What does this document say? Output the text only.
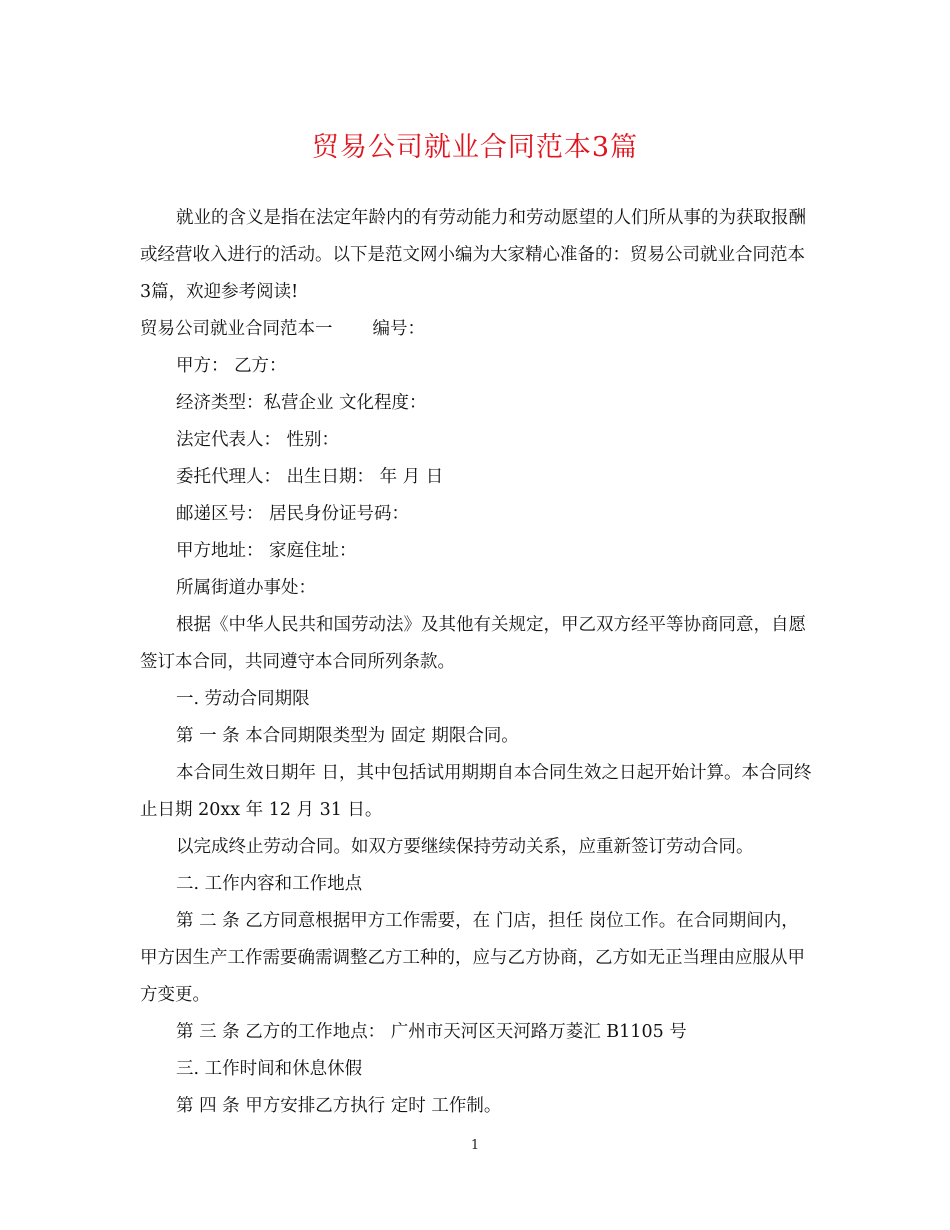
贸易公司就业合同范本3篇

就业的含义是指在法定年龄内的有劳动能力和劳动愿望的人们所从事的为获取报酬或经营收入进行的活动。以下是范文网小编为大家精心准备的：贸易公司就业合同范本3篇，欢迎参考阅读!

贸易公司就业合同范本一 编号：

甲方： 乙方：

经济类型：私营企业 文化程度：

法定代表人： 性别：

委托代理人： 出生日期： 年 月 日

邮递区号： 居民身份证号码：

甲方地址： 家庭住址：

所属街道办事处：

根据《中华人民共和国劳动法》及其他有关规定，甲乙双方经平等协商同意，自愿签订本合同，共同遵守本合同所列条款。

一. 劳动合同期限

第 一 条 本合同期限类型为 固定 期限合同。

本合同生效日期年 日，其中包括试用期期自本合同生效之日起开始计算。本合同终止日期 20xx 年 12 月 31 日。

以完成终止劳动合同。如双方要继续保持劳动关系，应重新签订劳动合同。

二. 工作内容和工作地点

第 二 条 乙方同意根据甲方工作需要，在 门店，担任 岗位工作。在合同期间内，甲方因生产工作需要确需调整乙方工种的，应与乙方协商，乙方如无正当理由应服从甲方变更。

第 三 条 乙方的工作地点： 广州市天河区天河路万菱汇 B1105 号

三. 工作时间和休息休假

第 四 条 甲方安排乙方执行 定时 工作制。

1
